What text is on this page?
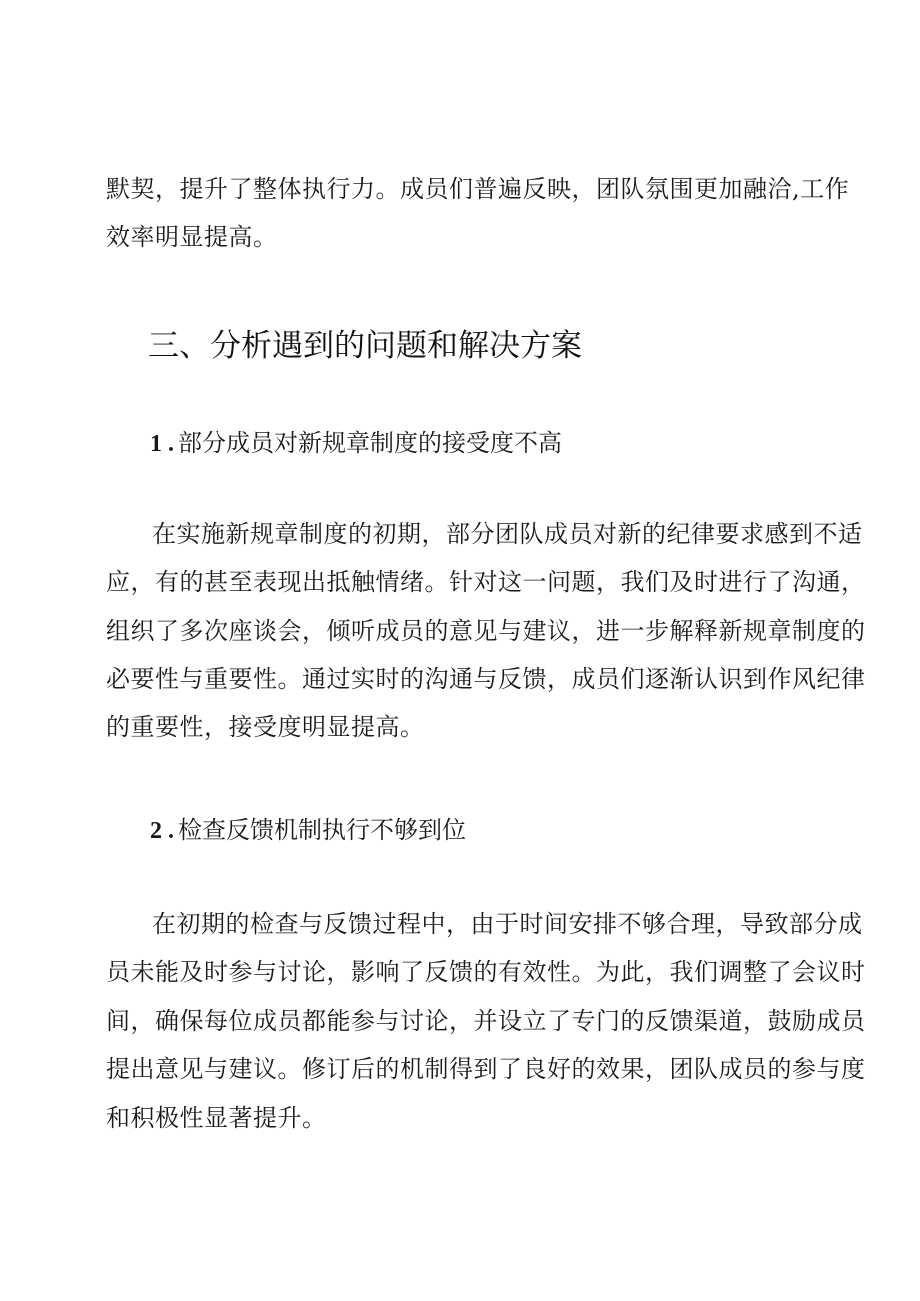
默契，提升了整体执行力。成员们普遍反映，团队氛围更加融洽,工作
效率明显提高。
三、分析遇到的问题和解决方案
1 . 部分成员对新规章制度的接受度不高
在实施新规章制度的初期，部分团队成员对新的纪律要求感到不适
应，有的甚至表现出抵触情绪。针对这一问题，我们及时进行了沟通，
组织了多次座谈会，倾听成员的意见与建议，进一步解释新规章制度的
必要性与重要性。通过实时的沟通与反馈，成员们逐渐认识到作风纪律
的重要性，接受度明显提高。
2 . 检查反馈机制执行不够到位
在初期的检查与反馈过程中，由于时间安排不够合理，导致部分成
员未能及时参与讨论，影响了反馈的有效性。为此，我们调整了会议时
间，确保每位成员都能参与讨论，并设立了专门的反馈渠道，鼓励成员
提出意见与建议。修订后的机制得到了良好的效果，团队成员的参与度
和积极性显著提升。
